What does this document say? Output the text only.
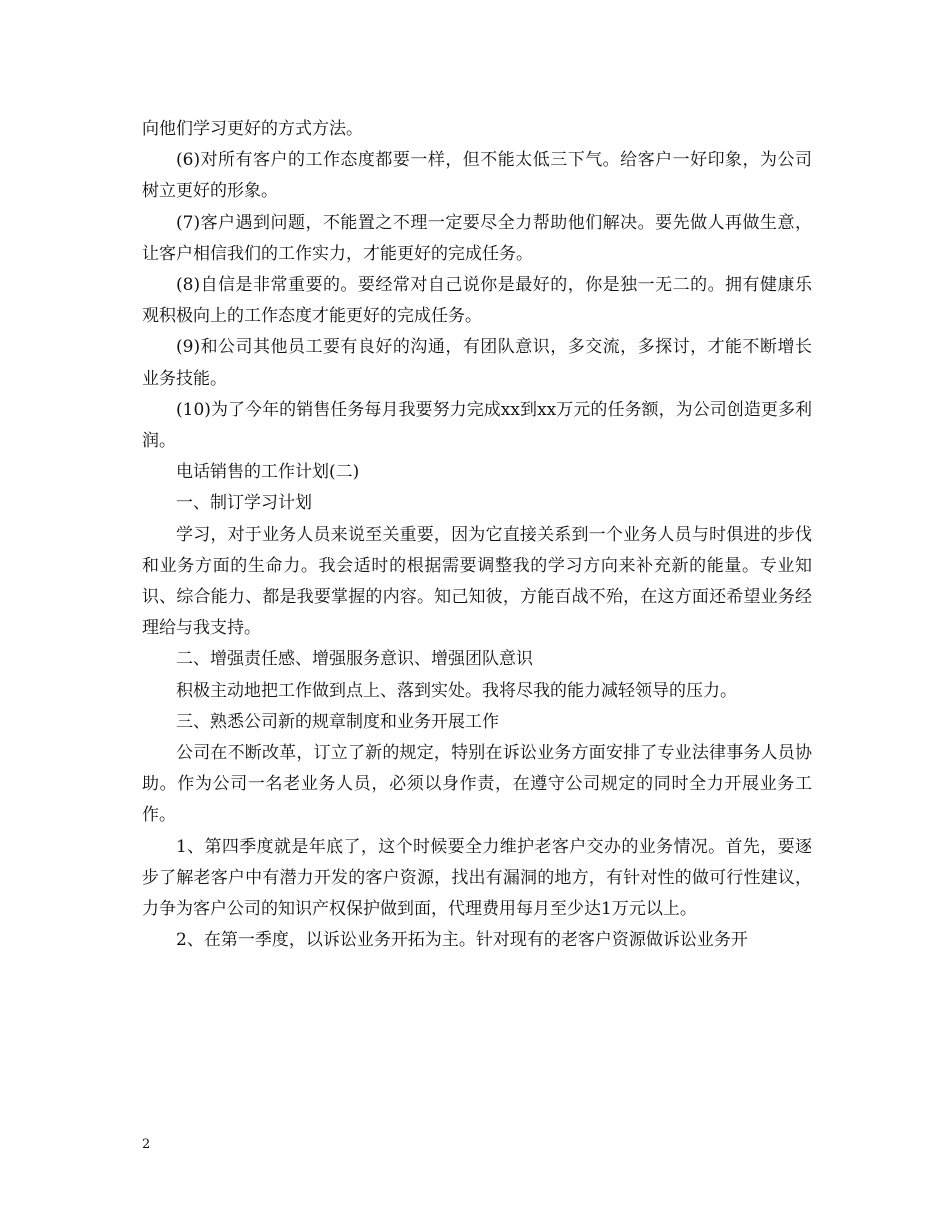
向他们学习更好的方式方法。

(6)对所有客户的工作态度都要一样，但不能太低三下气。给客户一好印象，为公司树立更好的形象。

(7)客户遇到问题，不能置之不理一定要尽全力帮助他们解决。要先做人再做生意，让客户相信我们的工作实力，才能更好的完成任务。

(8)自信是非常重要的。要经常对自己说你是最好的，你是独一无二的。拥有健康乐观积极向上的工作态度才能更好的完成任务。

(9)和公司其他员工要有良好的沟通，有团队意识，多交流，多探讨，才能不断增长业务技能。

(10)为了今年的销售任务每月我要努力完成xx到xx万元的任务额，为公司创造更多利润。

电话销售的工作计划(二)

一、制订学习计划

学习，对于业务人员来说至关重要，因为它直接关系到一个业务人员与时俱进的步伐和业务方面的生命力。我会适时的根据需要调整我的学习方向来补充新的能量。专业知识、综合能力、都是我要掌握的内容。知己知彼，方能百战不殆，在这方面还希望业务经理给与我支持。

二、增强责任感、增强服务意识、增强团队意识

积极主动地把工作做到点上、落到实处。我将尽我的能力减轻领导的压力。

三、熟悉公司新的规章制度和业务开展工作

公司在不断改革，订立了新的规定，特别在诉讼业务方面安排了专业法律事务人员协助。作为公司一名老业务人员，必须以身作责，在遵守公司规定的同时全力开展业务工作。

1、第四季度就是年底了，这个时候要全力维护老客户交办的业务情况。首先，要逐步了解老客户中有潜力开发的客户资源，找出有漏洞的地方，有针对性的做可行性建议，力争为客户公司的知识产权保护做到面，代理费用每月至少达1万元以上。

2、在第一季度，以诉讼业务开拓为主。针对现有的老客户资源做诉讼业务开

2
